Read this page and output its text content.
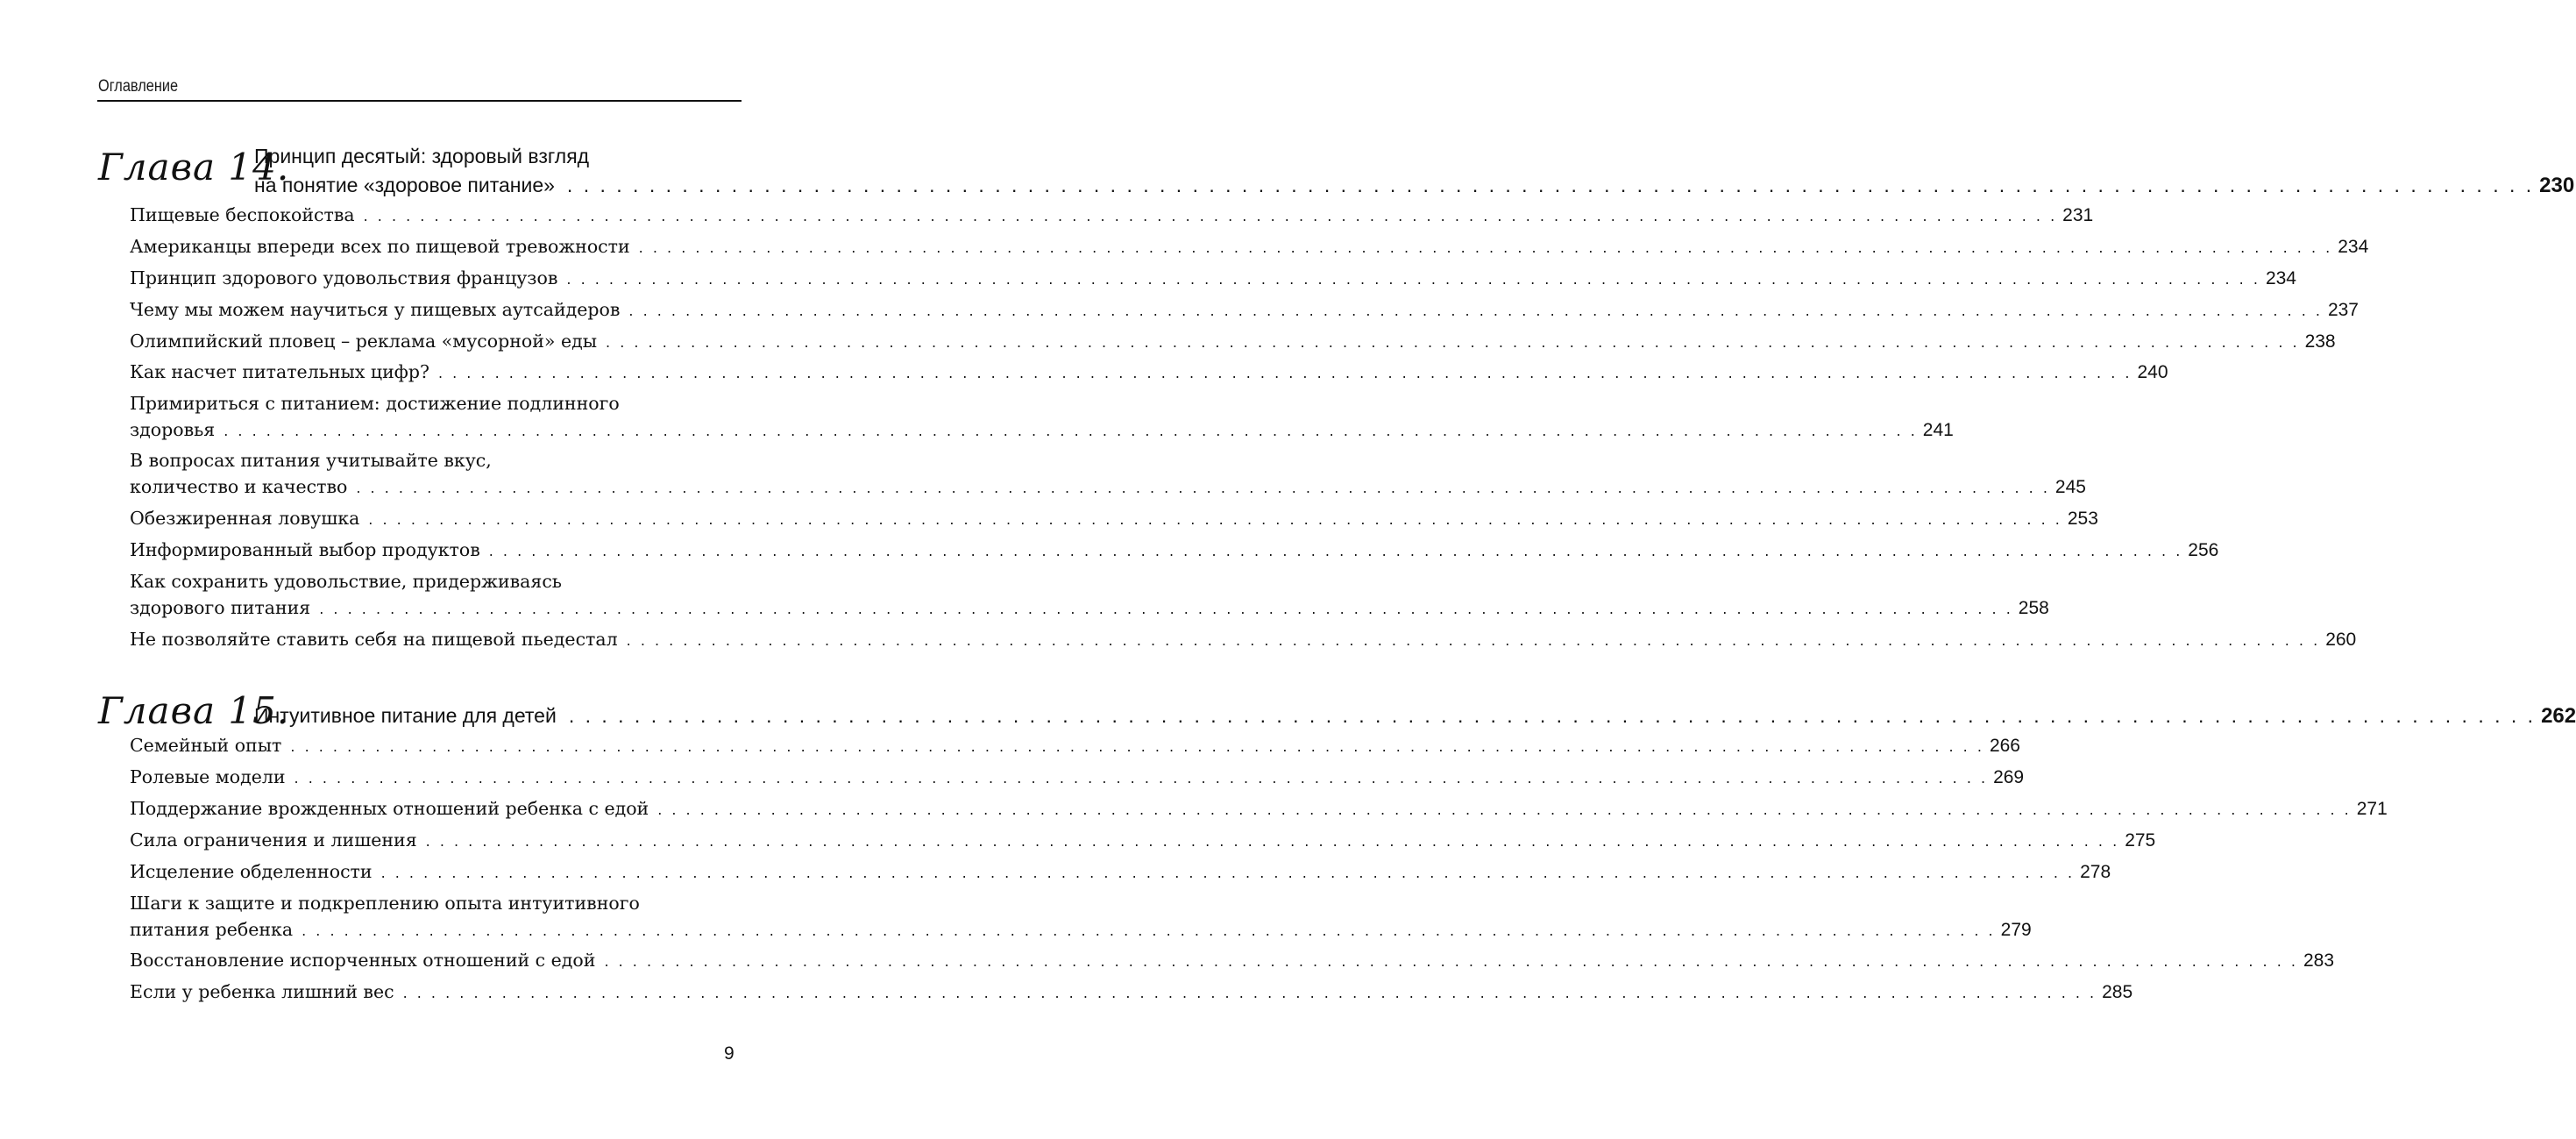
Оглавление
Глава 14.
Принцип десятый: здоровый взгляд
на понятие «здоровое питание» . . . . . . . . . . . . . . . . . . . . . . . . . . . . . . . . . . . . . . . . . . . . . . . . . . . . . . . . . . . . . . . . . . . . . . . . . . . . . . . . . . . . . . . . . . . . . . . . . . . . . . . . . . . . . . . . . . . . . . . . 230
Пищевые беспокойства . . . . . . . . . . . . . . . . . . . . . . . . . . . . . . . . . . . . . . . . . . . . . . . . . . . . . . . . . . . . . . . . . . . . . . . . . . . . . . . . . . . . . . . . . . . . . . . . . . . . . . . . . . . . . . . . . . . . . . . . 231
Американцы впереди всех по пищевой тревожности . . . . . . . . . . . . . . . . . . . . . . . . . . . . . . . . . . . . . . . . . . . . . . . . . . . . . . . . . . . . . . . . . . . . . . . . . . . . . . . . . . . . . . . . . . . . . . . . . . . . . . . . . . . . . . . . . . . . . . . . 234
Принцип здорового удовольствия французов . . . . . . . . . . . . . . . . . . . . . . . . . . . . . . . . . . . . . . . . . . . . . . . . . . . . . . . . . . . . . . . . . . . . . . . . . . . . . . . . . . . . . . . . . . . . . . . . . . . . . . . . . . . . . . . . . . . . . . . . 234
Чему мы можем научиться у пищевых аутсайдеров . . . . . . . . . . . . . . . . . . . . . . . . . . . . . . . . . . . . . . . . . . . . . . . . . . . . . . . . . . . . . . . . . . . . . . . . . . . . . . . . . . . . . . . . . . . . . . . . . . . . . . . . . . . . . . . . . . . . . . . . 237
Олимпийский пловец – реклама «мусорной» еды . . . . . . . . . . . . . . . . . . . . . . . . . . . . . . . . . . . . . . . . . . . . . . . . . . . . . . . . . . . . . . . . . . . . . . . . . . . . . . . . . . . . . . . . . . . . . . . . . . . . . . . . . . . . . . . . . . . . . . . . 238
Как насчет питательных цифр? . . . . . . . . . . . . . . . . . . . . . . . . . . . . . . . . . . . . . . . . . . . . . . . . . . . . . . . . . . . . . . . . . . . . . . . . . . . . . . . . . . . . . . . . . . . . . . . . . . . . . . . . . . . . . . . . . . . . . . . . 240
Примириться с питанием: достижение подлинного
здоровья . . . . . . . . . . . . . . . . . . . . . . . . . . . . . . . . . . . . . . . . . . . . . . . . . . . . . . . . . . . . . . . . . . . . . . . . . . . . . . . . . . . . . . . . . . . . . . . . . . . . . . . . . . . . . . . . . . . . . . . . 241
В вопросах питания учитывайте вкус,
количество и качество . . . . . . . . . . . . . . . . . . . . . . . . . . . . . . . . . . . . . . . . . . . . . . . . . . . . . . . . . . . . . . . . . . . . . . . . . . . . . . . . . . . . . . . . . . . . . . . . . . . . . . . . . . . . . . . . . . . . . . . . 245
Обезжиренная ловушка . . . . . . . . . . . . . . . . . . . . . . . . . . . . . . . . . . . . . . . . . . . . . . . . . . . . . . . . . . . . . . . . . . . . . . . . . . . . . . . . . . . . . . . . . . . . . . . . . . . . . . . . . . . . . . . . . . . . . . . . 253
Информированный выбор продуктов . . . . . . . . . . . . . . . . . . . . . . . . . . . . . . . . . . . . . . . . . . . . . . . . . . . . . . . . . . . . . . . . . . . . . . . . . . . . . . . . . . . . . . . . . . . . . . . . . . . . . . . . . . . . . . . . . . . . . . . . 256
Как сохранить удовольствие, придерживаясь
здорового питания . . . . . . . . . . . . . . . . . . . . . . . . . . . . . . . . . . . . . . . . . . . . . . . . . . . . . . . . . . . . . . . . . . . . . . . . . . . . . . . . . . . . . . . . . . . . . . . . . . . . . . . . . . . . . . . . . . . . . . . . 258
Не позволяйте ставить себя на пищевой пьедестал . . . . . . . . . . . . . . . . . . . . . . . . . . . . . . . . . . . . . . . . . . . . . . . . . . . . . . . . . . . . . . . . . . . . . . . . . . . . . . . . . . . . . . . . . . . . . . . . . . . . . . . . . . . . . . . . . . . . . . . . 260
Глава 15.
Интуитивное питание для детей . . . . . . . . . . . . . . . . . . . . . . . . . . . . . . . . . . . . . . . . . . . . . . . . . . . . . . . . . . . . . . . . . . . . . . . . . . . . . . . . . . . . . . . . . . . . . . . . . . . . . . . . . . . . . . . . . . . . . . . . 262
Семейный опыт . . . . . . . . . . . . . . . . . . . . . . . . . . . . . . . . . . . . . . . . . . . . . . . . . . . . . . . . . . . . . . . . . . . . . . . . . . . . . . . . . . . . . . . . . . . . . . . . . . . . . . . . . . . . . . . . . . . . . . . . 266
Ролевые модели . . . . . . . . . . . . . . . . . . . . . . . . . . . . . . . . . . . . . . . . . . . . . . . . . . . . . . . . . . . . . . . . . . . . . . . . . . . . . . . . . . . . . . . . . . . . . . . . . . . . . . . . . . . . . . . . . . . . . . . . 269
Поддержание врожденных отношений ребенка с едой . . . . . . . . . . . . . . . . . . . . . . . . . . . . . . . . . . . . . . . . . . . . . . . . . . . . . . . . . . . . . . . . . . . . . . . . . . . . . . . . . . . . . . . . . . . . . . . . . . . . . . . . . . . . . . . . . . . . . . . . 271
Сила ограничения и лишения . . . . . . . . . . . . . . . . . . . . . . . . . . . . . . . . . . . . . . . . . . . . . . . . . . . . . . . . . . . . . . . . . . . . . . . . . . . . . . . . . . . . . . . . . . . . . . . . . . . . . . . . . . . . . . . . . . . . . . . . 275
Исцеление обделенности . . . . . . . . . . . . . . . . . . . . . . . . . . . . . . . . . . . . . . . . . . . . . . . . . . . . . . . . . . . . . . . . . . . . . . . . . . . . . . . . . . . . . . . . . . . . . . . . . . . . . . . . . . . . . . . . . . . . . . . . 278
Шаги к защите и подкреплению опыта интуитивного
питания ребенка . . . . . . . . . . . . . . . . . . . . . . . . . . . . . . . . . . . . . . . . . . . . . . . . . . . . . . . . . . . . . . . . . . . . . . . . . . . . . . . . . . . . . . . . . . . . . . . . . . . . . . . . . . . . . . . . . . . . . . . . 279
Восстановление испорченных отношений с едой . . . . . . . . . . . . . . . . . . . . . . . . . . . . . . . . . . . . . . . . . . . . . . . . . . . . . . . . . . . . . . . . . . . . . . . . . . . . . . . . . . . . . . . . . . . . . . . . . . . . . . . . . . . . . . . . . . . . . . . . 283
Если у ребенка лишний вес . . . . . . . . . . . . . . . . . . . . . . . . . . . . . . . . . . . . . . . . . . . . . . . . . . . . . . . . . . . . . . . . . . . . . . . . . . . . . . . . . . . . . . . . . . . . . . . . . . . . . . . . . . . . . . . . . . . . . . . . 285
9
